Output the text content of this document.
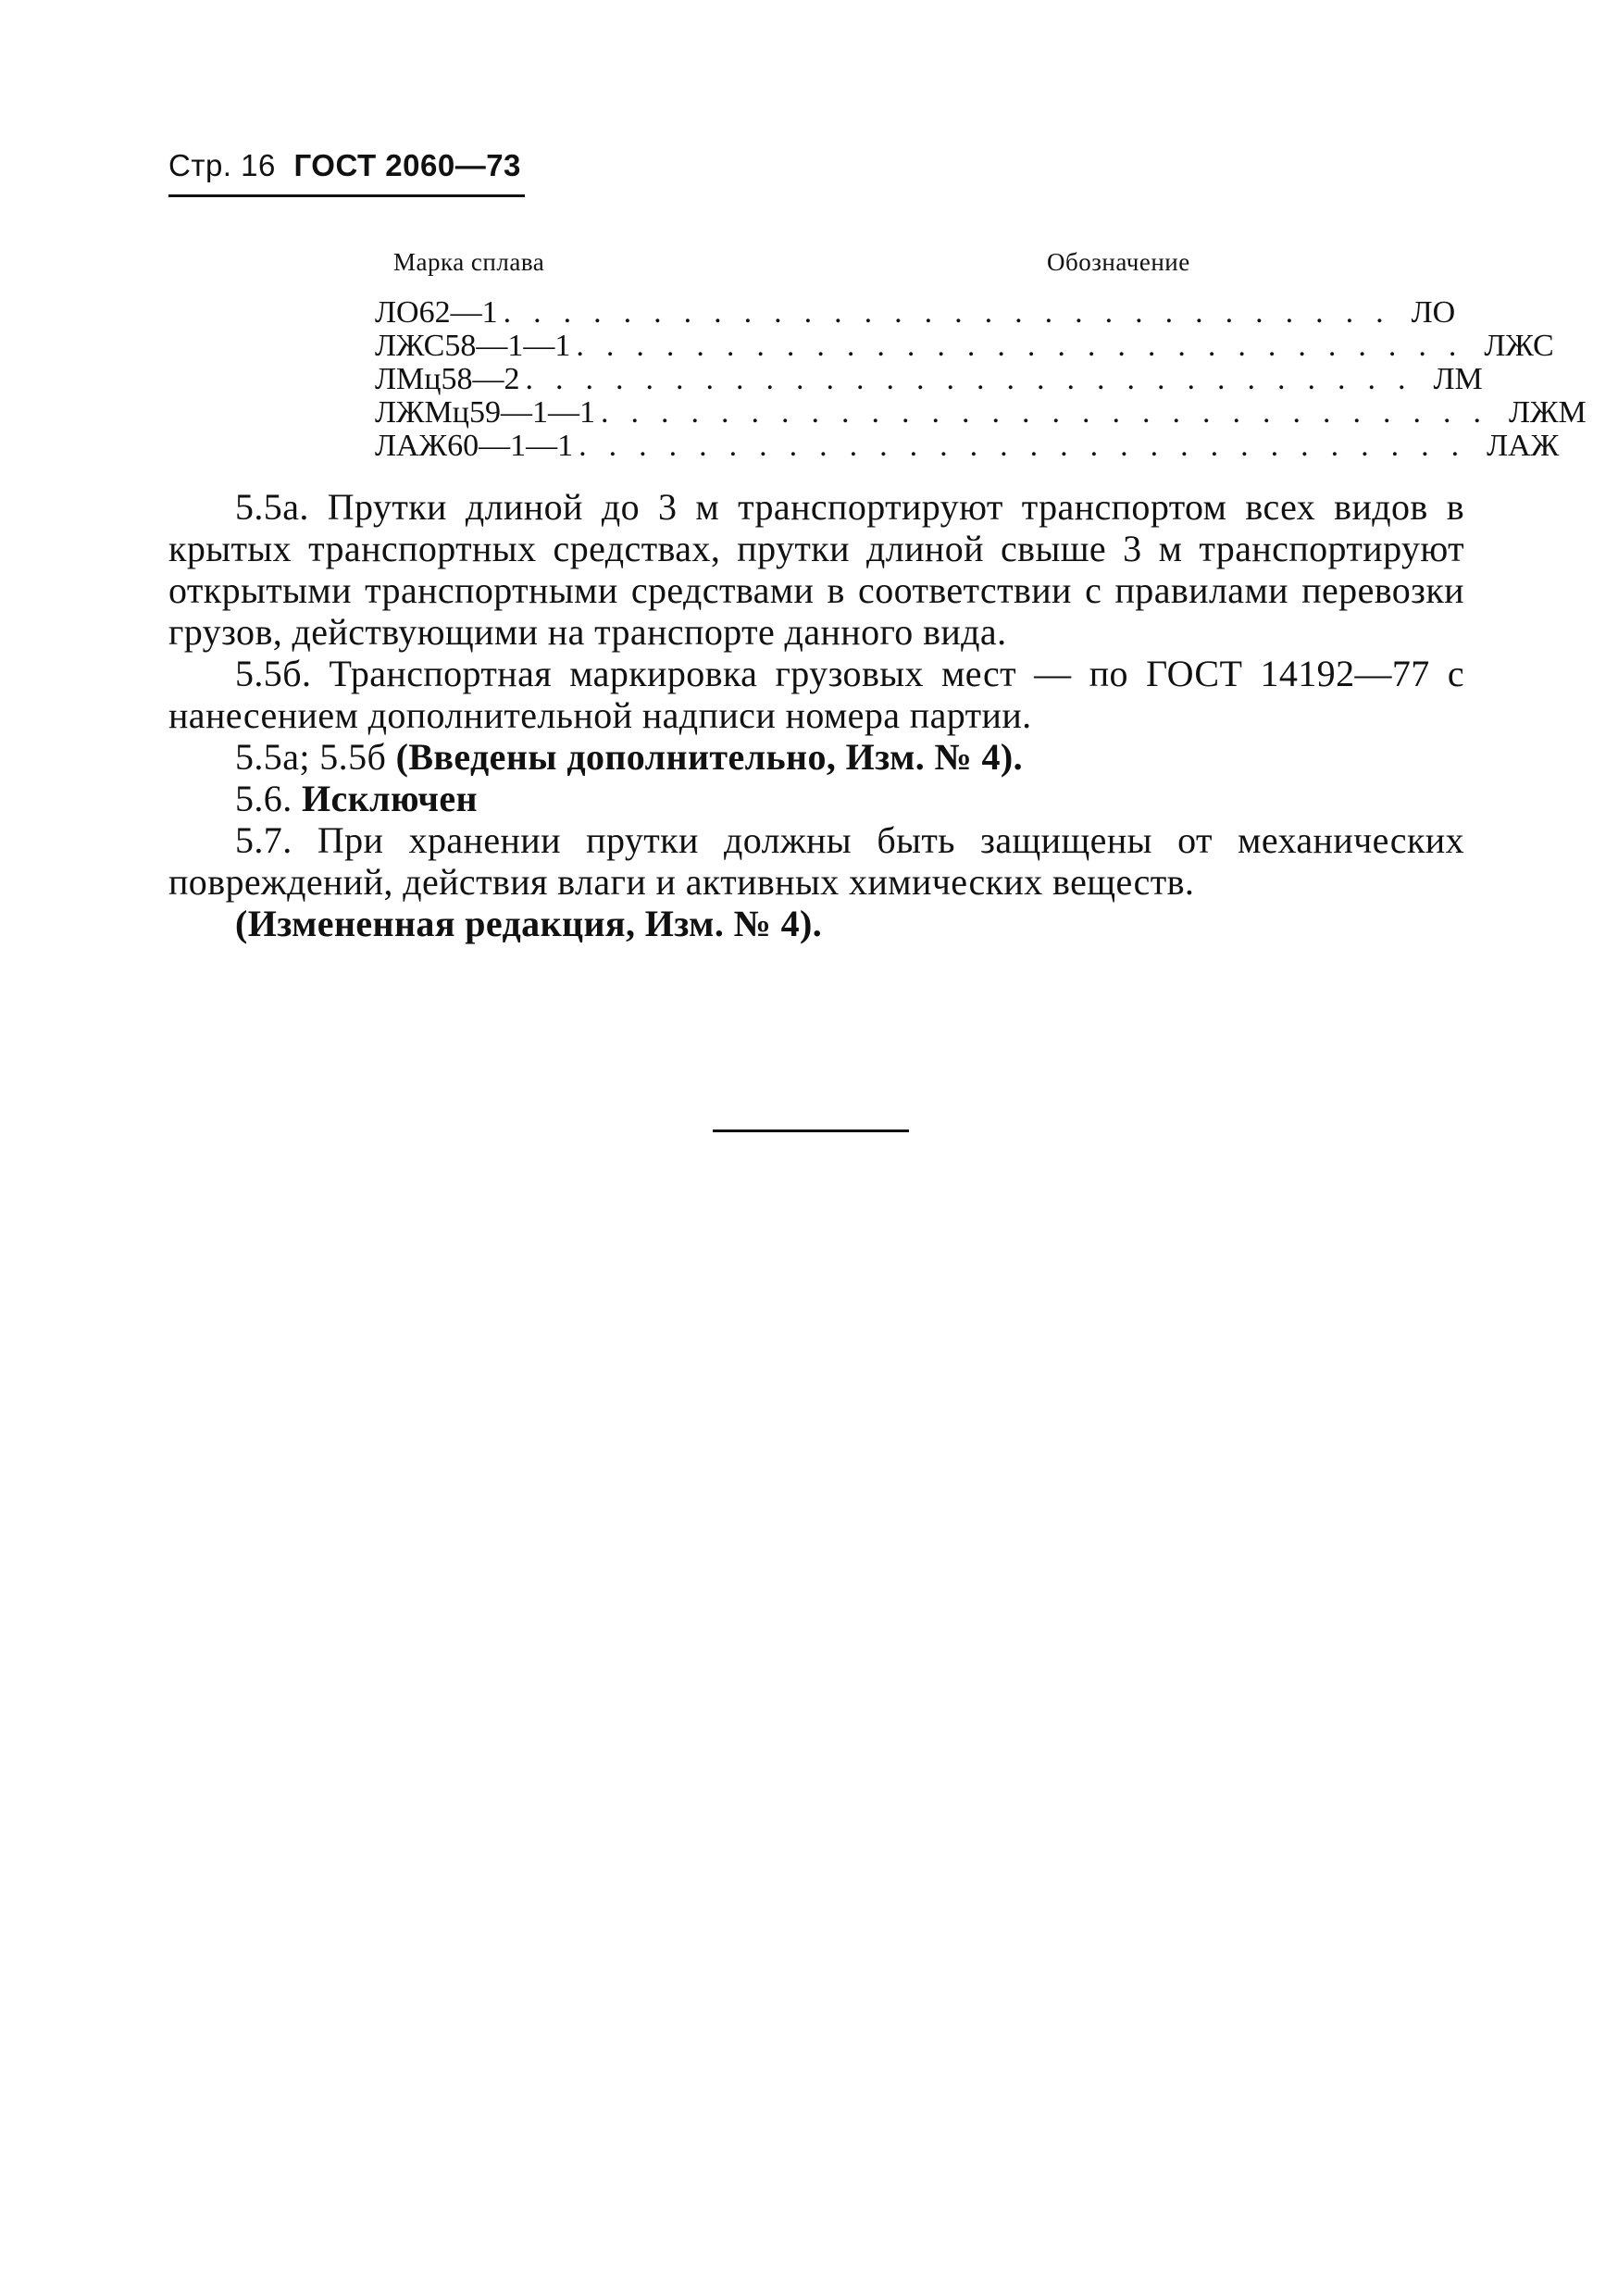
Стр. 16 ГОСТ 2060—73
Марка сплава	Обозначение
ЛО62—1 .............................. ЛО
ЛЖС58—1—1 .............................. ЛЖС
ЛМц58—2 .............................. ЛМ
ЛЖМц59—1—1 .............................. ЛЖМ
ЛАЖ60—1—1 .............................. ЛАЖ

5.5а. Прутки длиной до 3 м транспортируют транспортом всех видов в крытых транспортных средствах, прутки длиной свыше 3 м транспортируют открытыми транспортными средствами в соответствии с правилами перевозки грузов, действующими на транспорте данного вида.

5.5б. Транспортная маркировка грузовых мест — по ГОСТ 14192—77 с нанесением дополнительной надписи номера партии.

5.5а; 5.5б (Введены дополнительно, Изм. № 4).

5.6. Исключен

5.7. При хранении прутки должны быть защищены от механических повреждений, действия влаги и активных химических веществ.

(Измененная редакция, Изм. № 4).
